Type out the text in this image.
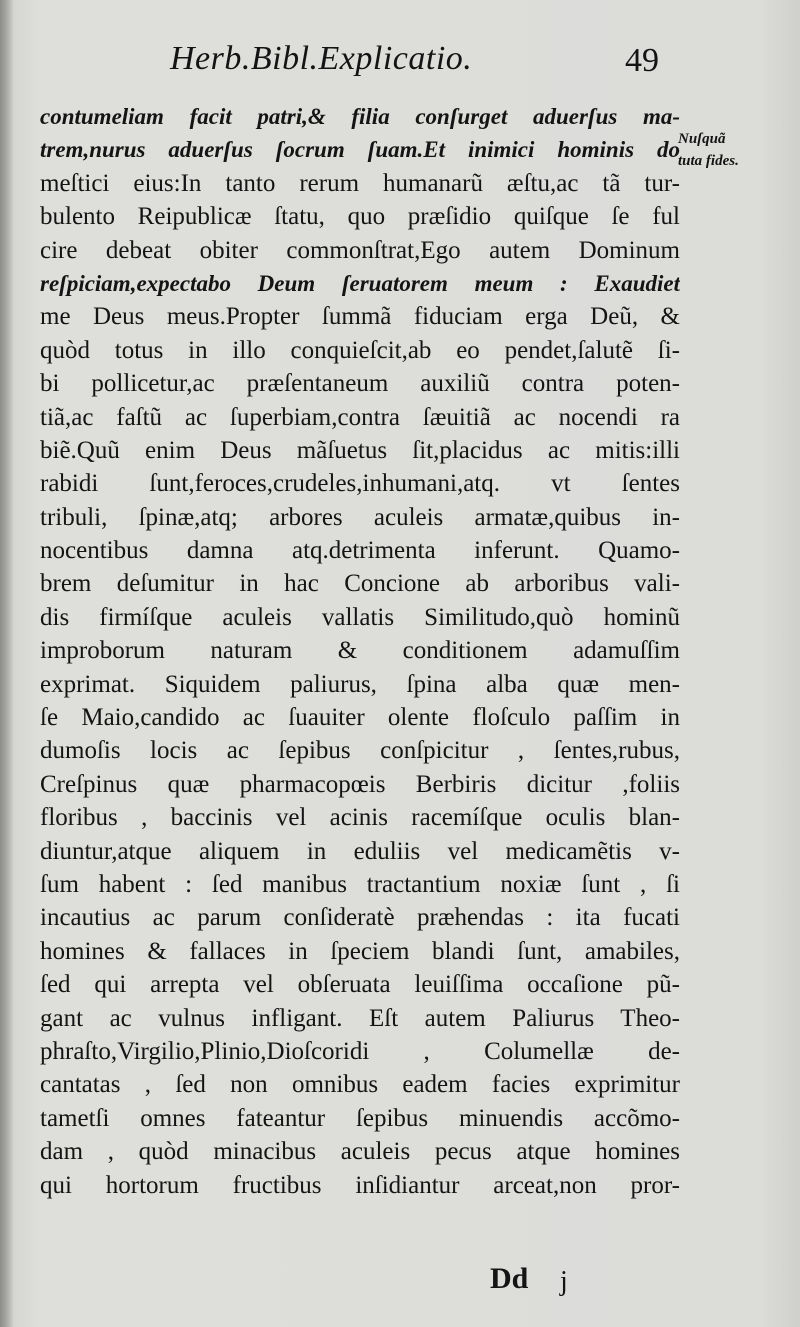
Herb.Bibl.Explicatio.	49
Nuſquã
tuta fides.
contumeliam facit patri,& filia conſurget aduerſus ma-
trem,nurus aduerſus ſocrum ſuam.Et inimici hominis do
meſtici eius:In tanto rerum humanarũ æſtu,ac tã tur-
bulento Reipublicæ ſtatu, quo præſidio quiſque ſe ful
cire debeat obiter commonſtrat,Ego autem Dominum
reſpiciam,expectabo Deum ſeruatorem meum : Exaudiet
me Deus meus.Propter ſummã fiduciam erga Deũ, &
quòd totus in illo conquieſcit,ab eo pendet,ſalutẽ ſi-
bi pollicetur,ac præſentaneum auxiliũ contra poten-
tiã,ac faſtũ ac ſuperbiam,contra ſæuitiã ac nocendi ra
biẽ.Quũ enim Deus mãſuetus ſit,placidus ac mitis:illi
rabidi ſunt,feroces,crudeles,inhumani,atq. vt ſentes
tribuli, ſpinæ,atq; arbores aculeis armatæ,quibus in-
nocentibus damna atq.detrimenta inferunt. Quamo-
brem deſumitur in hac Concione ab arboribus vali-
dis firmíſque aculeis vallatis Similitudo,quò hominũ
improborum naturam & conditionem adamuſſim
exprimat. Siquidem paliurus, ſpina alba quæ men-
ſe Maio,candido ac ſuauiter olente floſculo paſſim in
dumoſis locis ac ſepibus conſpicitur , ſentes,rubus,
Creſpinus quæ pharmacopœis Berbiris dicitur ,foliis
floribus , baccinis vel acinis racemíſque oculis blan-
diuntur,atque aliquem in eduliis vel medicamẽtis v-
ſum habent : ſed manibus tractantium noxiæ ſunt , ſi
incautius ac parum conſideratè præhendas : ita fucati
homines & fallaces in ſpeciem blandi ſunt, amabiles,
ſed qui arrepta vel obſeruata leuiſſima occaſione pũ-
gant ac vulnus infligant. Eſt autem Paliurus Theo-
phraſto,Virgilio,Plinio,Dioſcoridi , Columellæ de-
cantatas , ſed non omnibus eadem facies exprimitur
tametſi omnes fateantur ſepibus minuendis accõmo-
dam , quòd minacibus aculeis pecus atque homines
qui hortorum fructibus inſidiantur arceat,non pror-
Dd j
